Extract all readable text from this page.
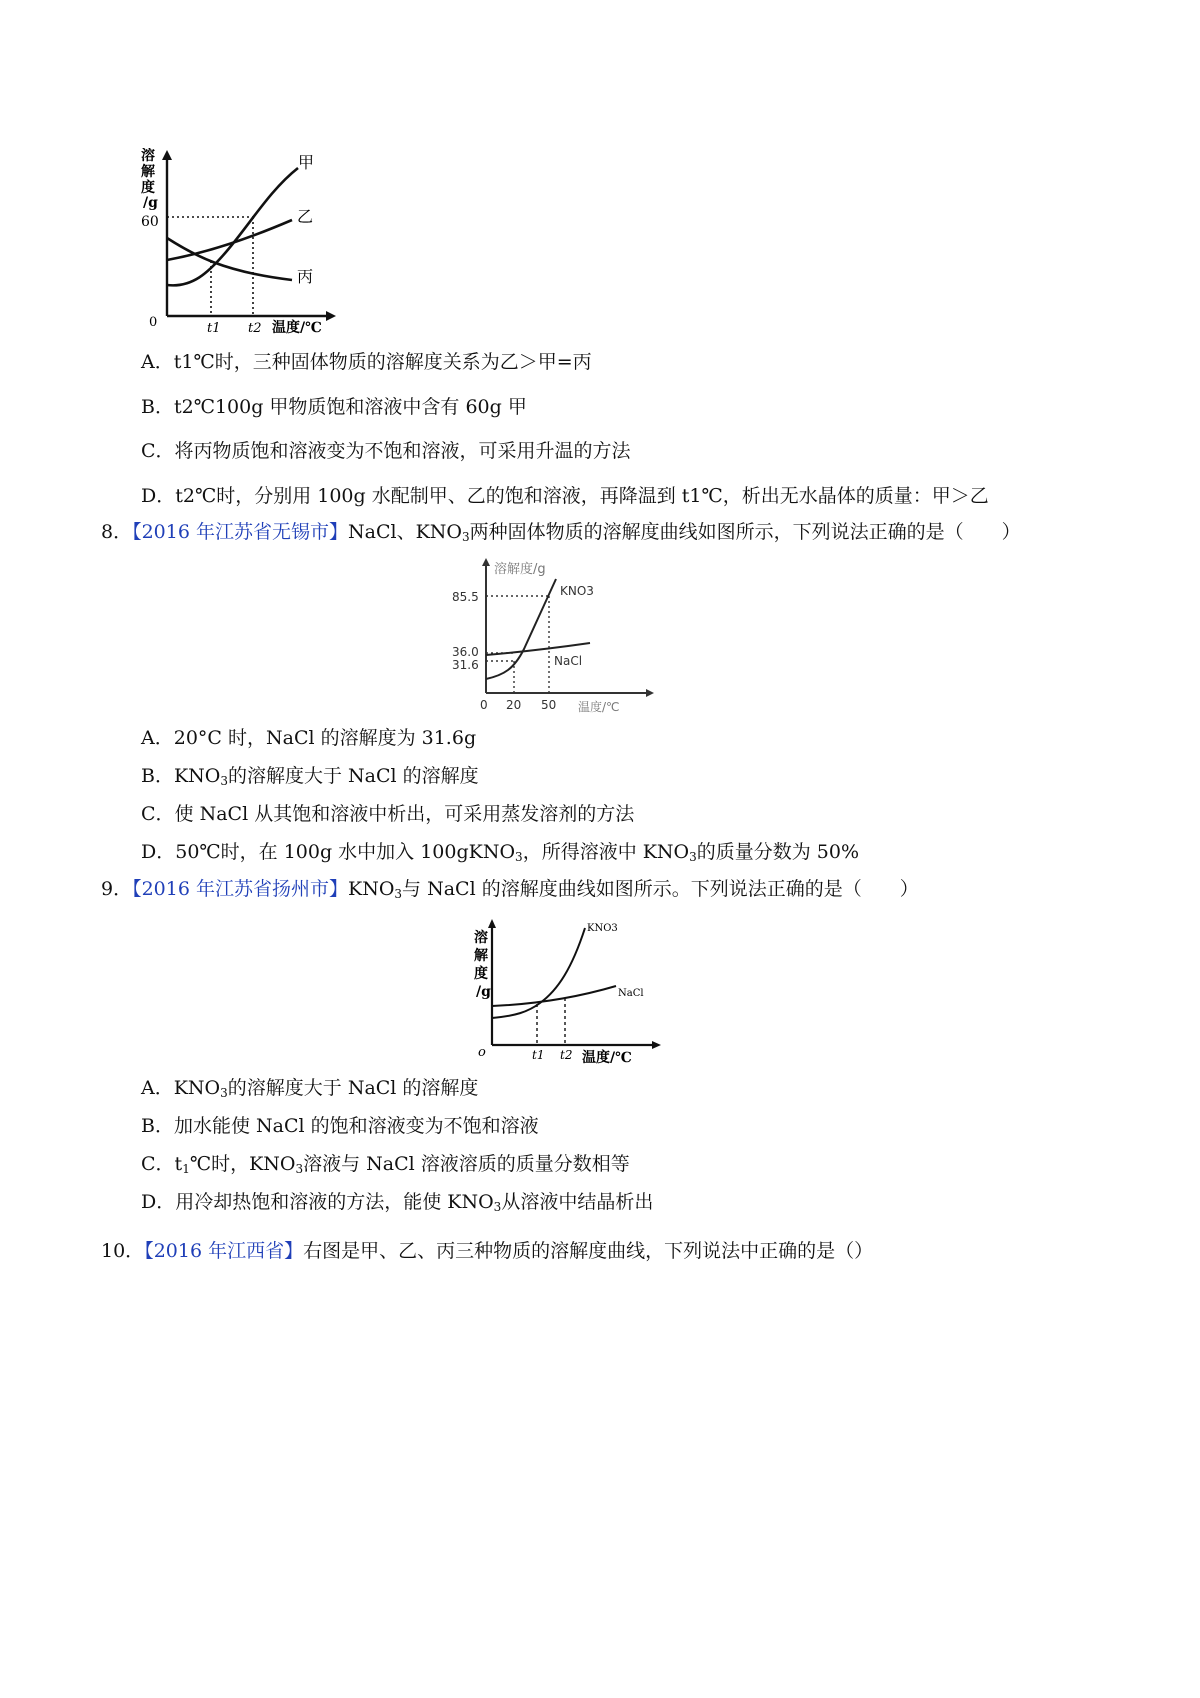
溶
解
度
/g
60
甲
乙
丙
0	t1 t2 温度/℃
A．t1℃时，三种固体物质的溶解度关系为乙＞甲=丙
B．t2℃100g 甲物质饱和溶液中含有 60g 甲
C．将丙物质饱和溶液变为不饱和溶液，可采用升温的方法
D．t2℃时，分别用 100g 水配制甲、乙的饱和溶液，再降温到 t1℃，析出无水晶体的质量：甲＞乙
8．【2016 年江苏省无锡市】NaCl、$KNO_3$两种固体物质的溶解度曲线如图所示，下列说法正确的是（　　）
溶解度/g
85.5
36.0
31.6
KNO3
NaCl
0 20 50 温度/℃
A．20°C 时，NaCl 的溶解度为 31.6g
B．$KNO_3$的溶解度大于 NaCl 的溶解度
C．使 NaCl 从其饱和溶液中析出，可采用蒸发溶剂的方法
D．50℃时，在 100g 水中加入 100gKNO$_3$，所得溶液中 $KNO_3$的质量分数为 50%
9．【2016 年江苏省扬州市】$KNO_3$与 NaCl 的溶解度曲线如图所示。下列说法正确的是（　　）
溶
解
度
/g
KNO3
NaCl
o	t1 t2 温度/℃
A．$KNO_3$的溶解度大于 NaCl 的溶解度
B．加水能使 NaCl 的饱和溶液变为不饱和溶液
C．$t_1℃$时，$KNO_3$溶液与 NaCl 溶液溶质的质量分数相等
D．用冷却热饱和溶液的方法，能使 $KNO_3$从溶液中结晶析出
10．【2016 年江西省】右图是甲、乙、丙三种物质的溶解度曲线，下列说法中正确的是（）
